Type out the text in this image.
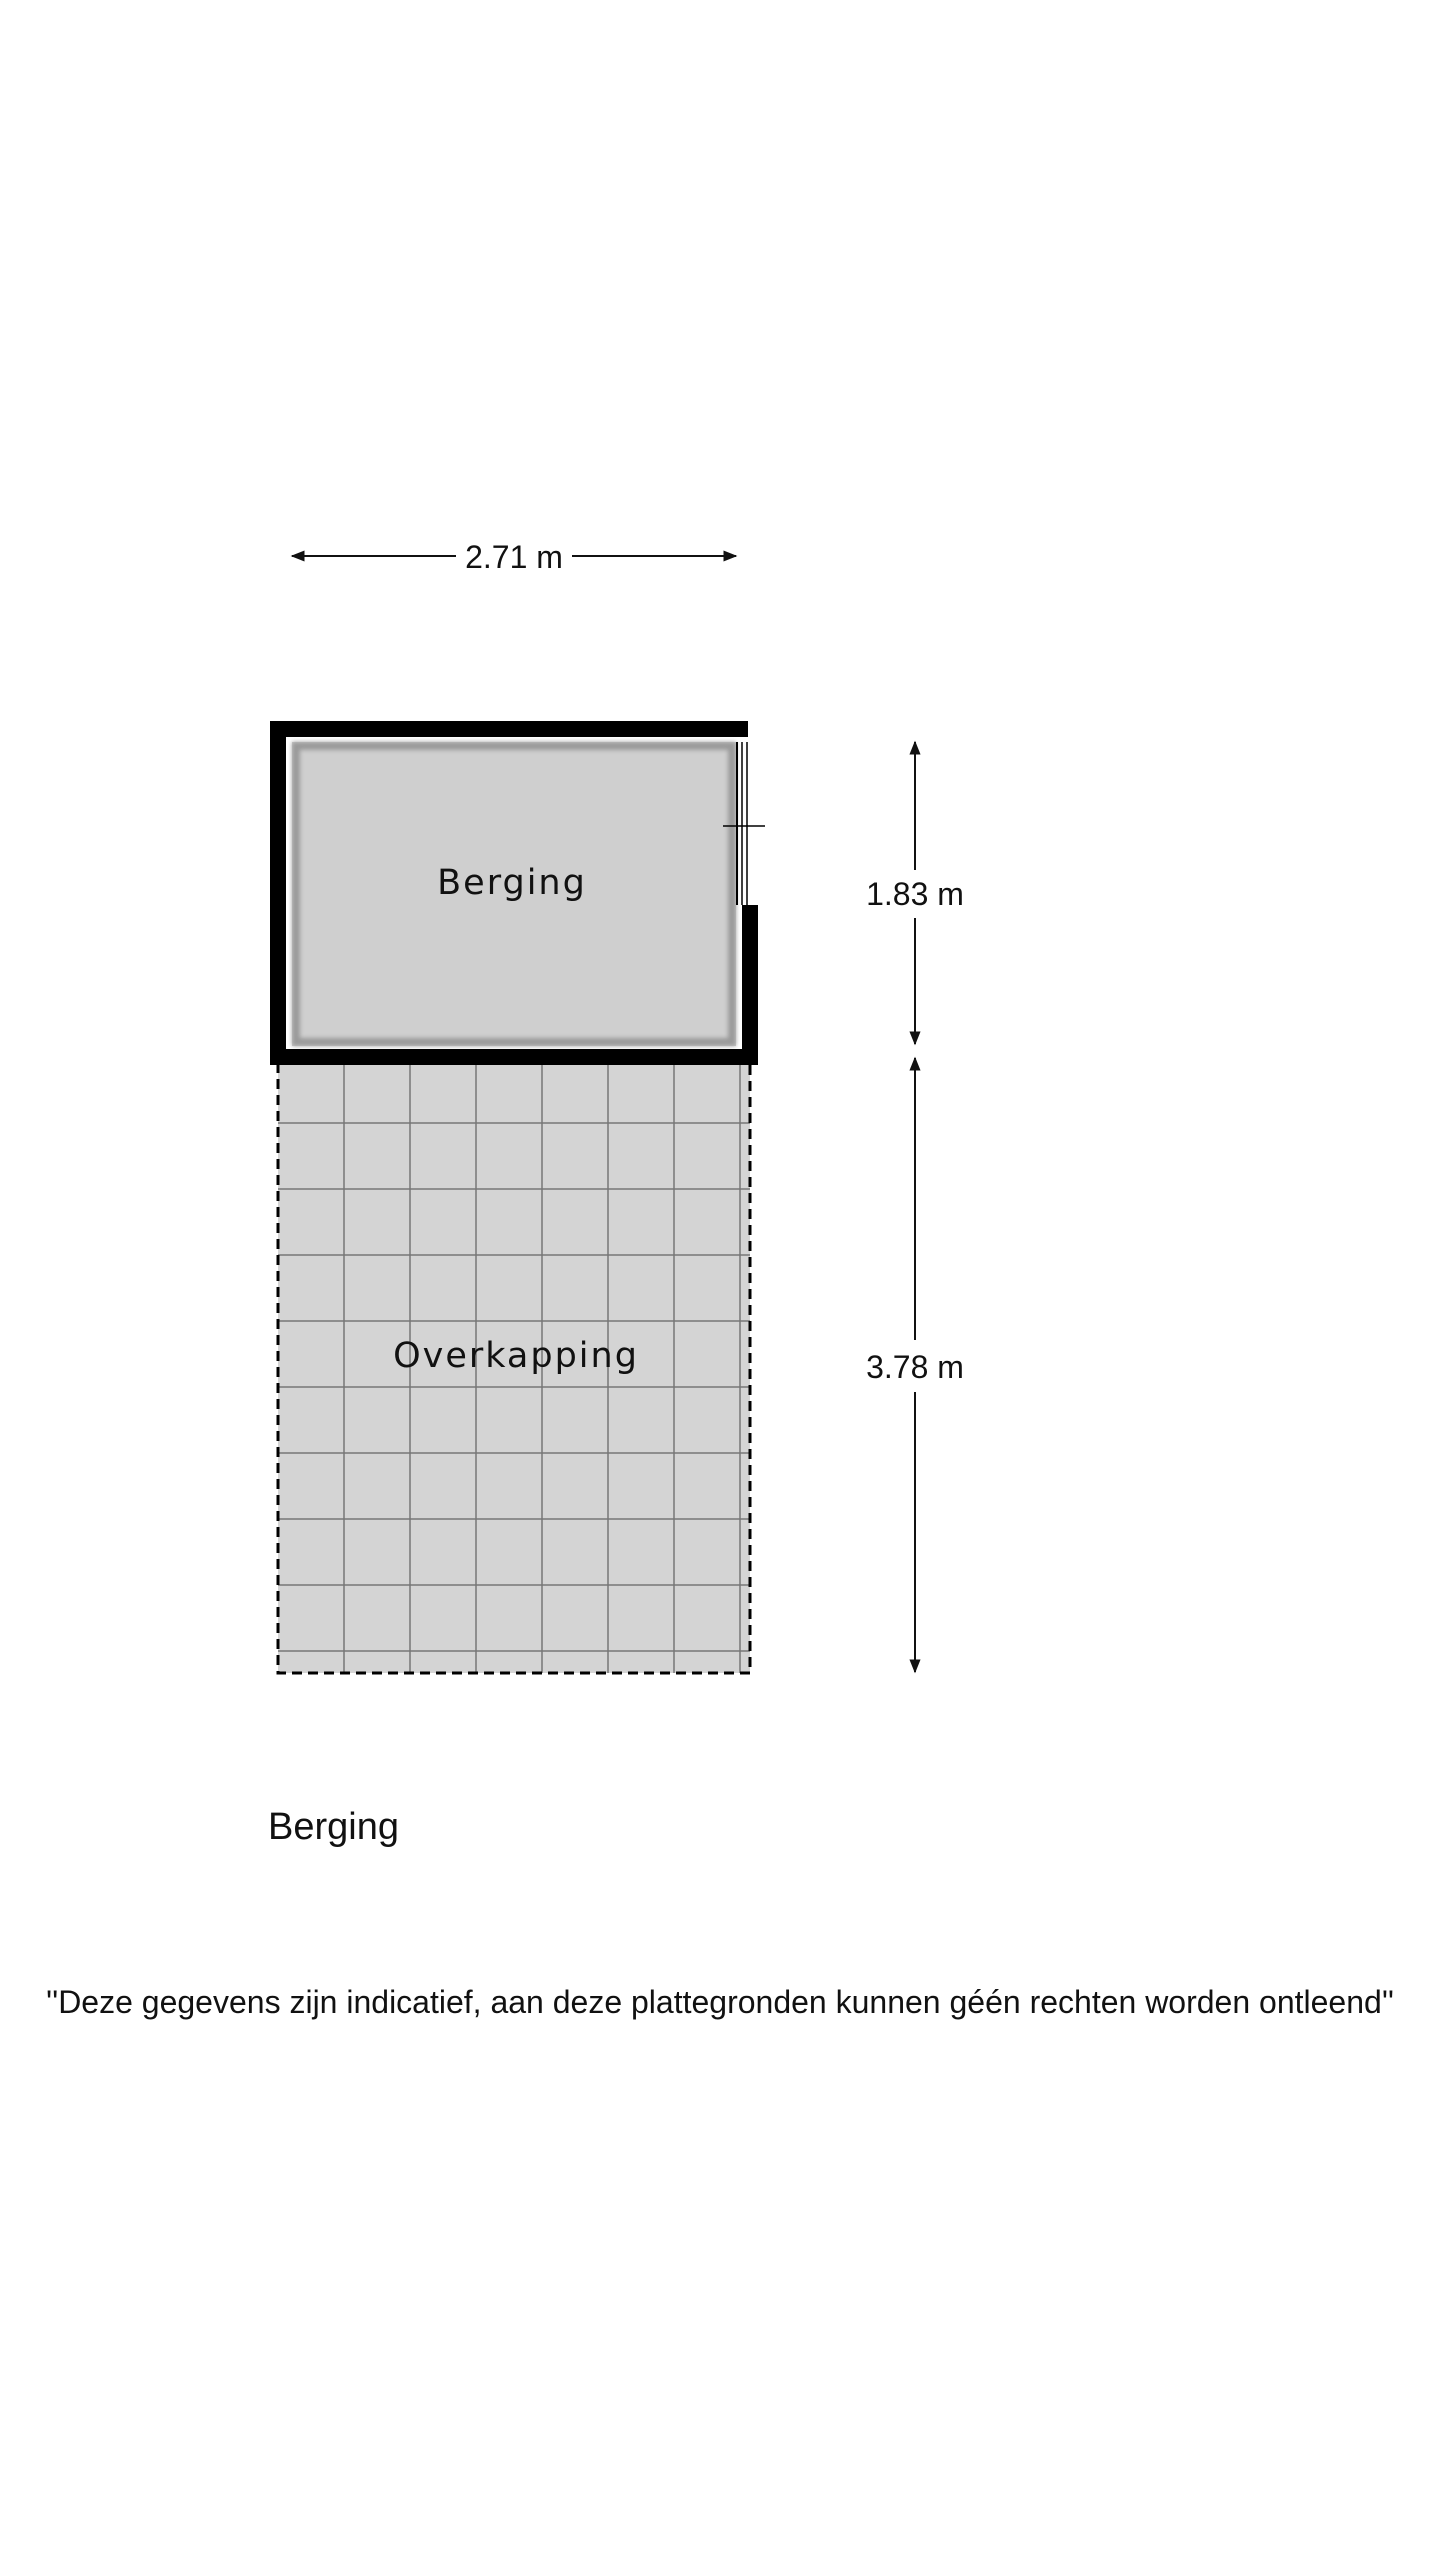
Berging
Overkapping
2.71 m
1.83 m
3.78 m
Berging

''Deze gegevens zijn indicatief, aan deze plattegronden kunnen géén rechten worden ontleend''
